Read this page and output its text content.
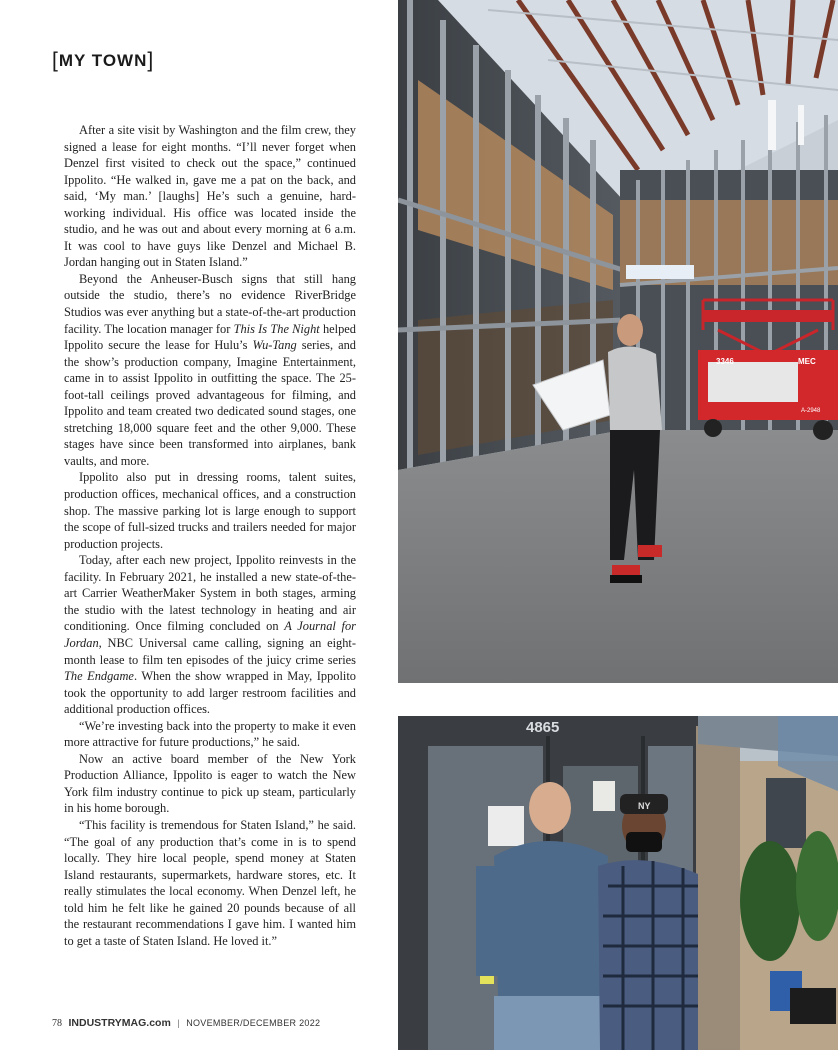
[MY TOWN]

After a site visit by Washington and the film crew, they signed a lease for eight months. “I’ll never forget when Denzel first visited to check out the space,” continued Ippolito. “He walked in, gave me a pat on the back, and said, ‘My man.’ [laughs] He’s such a genuine, hard-working individual. His office was located inside the studio, and he was out and about every morning at 6 a.m. It was cool to have guys like Denzel and Michael B. Jordan hanging out in Staten Island.”

Beyond the Anheuser-Busch signs that still hang outside the studio, there’s no evidence RiverBridge Studios was ever anything but a state-of-the-art production facility. The location manager for This Is The Night helped Ippolito secure the lease for Hulu’s Wu-Tang series, and the show’s production company, Imagine Entertainment, came in to assist Ippolito in outfitting the space. The 25-foot-tall ceilings proved advantageous for filming, and Ippolito and team created two dedicated sound stages, one stretching 18,000 square feet and the other 9,000. These stages have since been transformed into airplanes, bank vaults, and more.

Ippolito also put in dressing rooms, talent suites, production offices, mechanical offices, and a construction shop. The massive parking lot is large enough to support the scope of full-sized trucks and trailers needed for major production projects.

Today, after each new project, Ippolito reinvests in the facility. In February 2021, he installed a new state-of-the-art Carrier WeatherMaker System in both stages, arming the studio with the latest technology in heating and air conditioning. Once filming concluded on A Journal for Jordan, NBC Universal came calling, signing an eight-month lease to film ten episodes of the juicy crime series The Endgame. When the show wrapped in May, Ippolito took the opportunity to add larger restroom facilities and additional production offices.

“We’re investing back into the property to make it even more attractive for future productions,” he said.

Now an active board member of the New York Production Alliance, Ippolito is eager to watch the New York film industry continue to pick up steam, particularly in his home borough.

“This facility is tremendous for Staten Island,” he said. “The goal of any production that’s come in is to spend locally. They hire local people, spend money at Staten Island restaurants, supermarkets, hardware stores, etc. It really stimulates the local economy. When Denzel left, he told him he felt like he gained 20 pounds because of all the restaurant recommendations I gave him. I wanted him to get a taste of Staten Island. He loved it.”

3346	MEC
A-2948
4865
NY
78 INDUSTRYMAG.com | NOVEMBER/DECEMBER 2022
